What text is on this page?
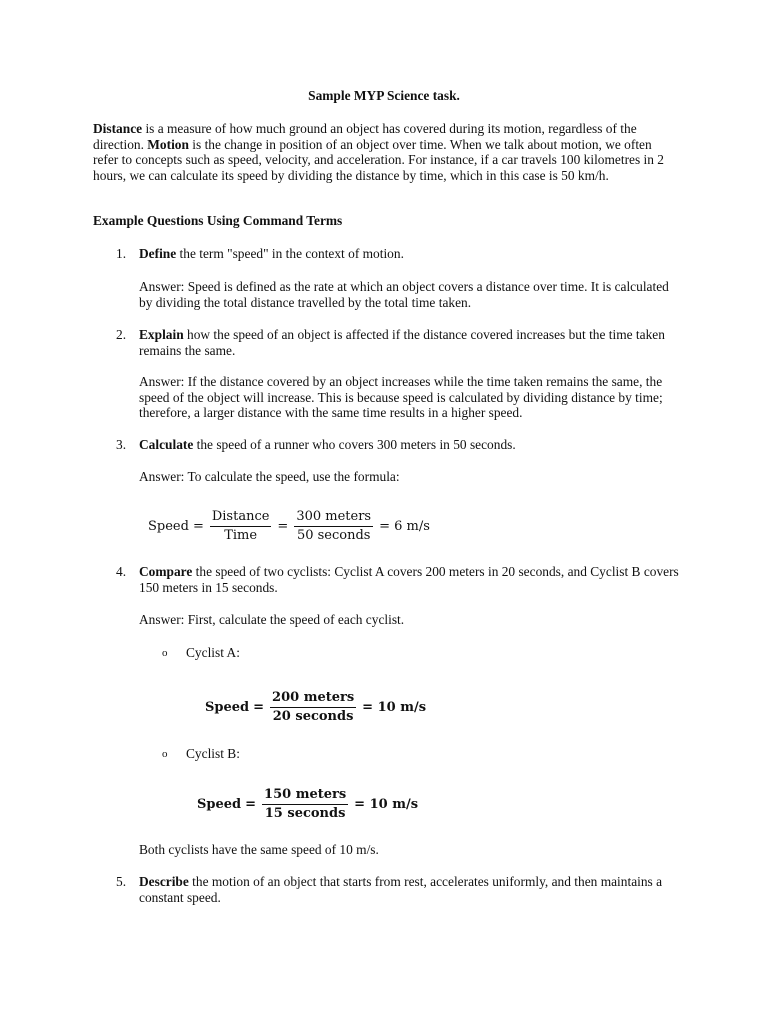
Sample MYP Science task.
Distance is a measure of how much ground an object has covered during its motion, regardless of the direction. Motion is the change in position of an object over time. When we talk about motion, we often refer to concepts such as speed, velocity, and acceleration. For instance, if a car travels 100 kilometres in 2 hours, we can calculate its speed by dividing the distance by time, which in this case is 50 km/h.
Example Questions Using Command Terms
1. Define the term "speed" in the context of motion.
Answer: Speed is defined as the rate at which an object covers a distance over time. It is calculated by dividing the total distance travelled by the total time taken.
2. Explain how the speed of an object is affected if the distance covered increases but the time taken remains the same.
Answer: If the distance covered by an object increases while the time taken remains the same, the speed of the object will increase. This is because speed is calculated by dividing distance by time; therefore, a larger distance with the same time results in a higher speed.
3. Calculate the speed of a runner who covers 300 meters in 50 seconds.
Answer: To calculate the speed, use the formula:
Speed = $\frac{\text{Distance}}{\text{Time}} = \frac{\text{300 meters}}{\text{50 seconds}} = 6$ m/s
4. Compare the speed of two cyclists: Cyclist A covers 200 meters in 20 seconds, and Cyclist B covers 150 meters in 15 seconds.
Answer: First, calculate the speed of each cyclist.
o Cyclist A:
Speed = $\frac{\text{200 meters}}{\text{20 seconds}} = 10$ m/s
o Cyclist B:
Speed = $\frac{\text{150 meters}}{\text{15 seconds}} = 10$ m/s
Both cyclists have the same speed of 10 m/s.
5. Describe the motion of an object that starts from rest, accelerates uniformly, and then maintains a constant speed.
